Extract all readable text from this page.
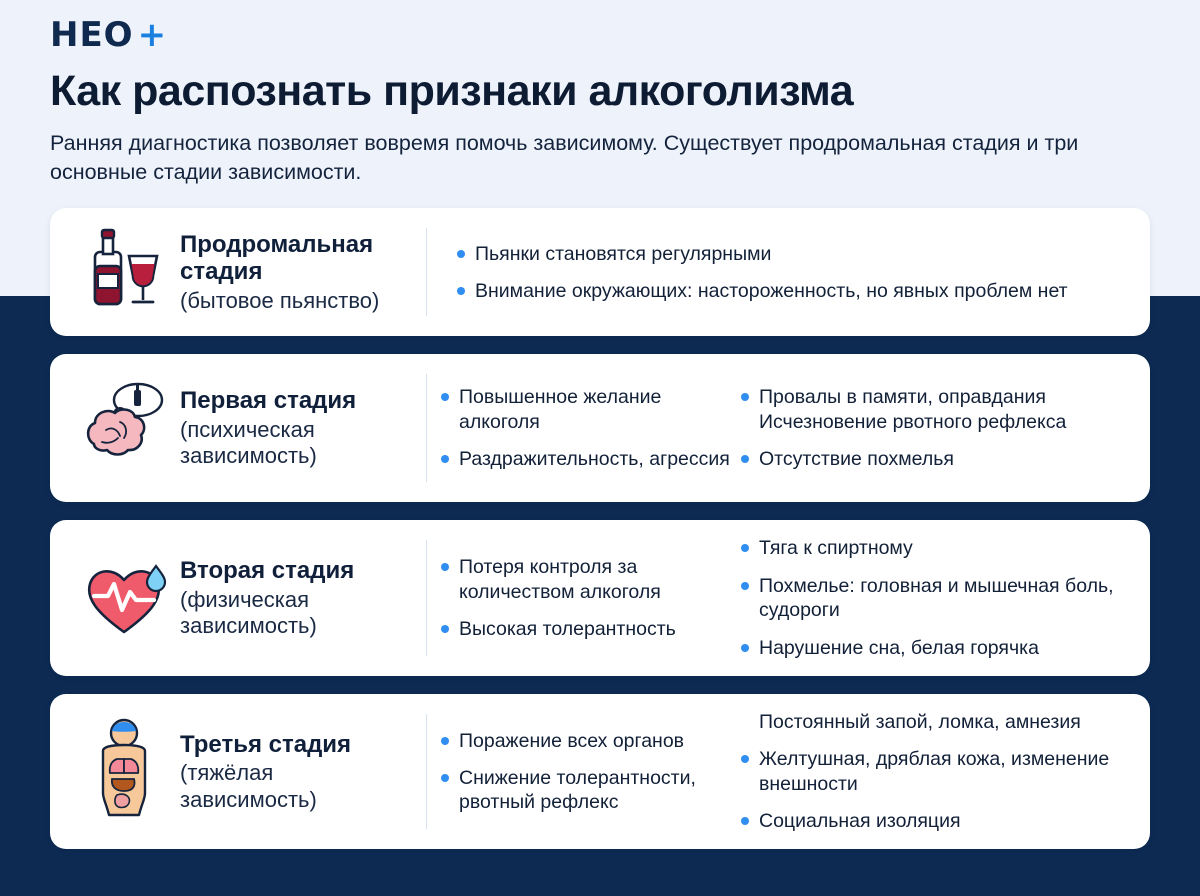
HEO +
Как распознать признаки алкоголизма

Ранняя диагностика позволяет вовремя помочь зависимому. Существует продромальная стадия и три основные стадии зависимости.

Продромальная стадия
(бытовое пьянство)
Пьянки становятся регулярными
Внимание окружающих: настороженность, но явных проблем нет
Первая стадия
(психическая зависимость)
Повышенное желание алкоголя
Раздражительность, агрессия
Провалы в памяти, оправдания Исчезновение рвотного рефлекса
Отсутствие похмелья
Вторая стадия
(физическая зависимость)
Потеря контроля за количеством алкоголя
Высокая толерантность
Тяга к спиртному
Похмелье: головная и мышечная боль, судороги
Нарушение сна, белая горячка
Третья стадия
(тяжёлая зависимость)
Поражение всех органов
Снижение толерантности, рвотный рефлекс
Постоянный запой, ломка, амнезия
Желтушная, дряблая кожа, изменение внешности
Социальная изоляция
